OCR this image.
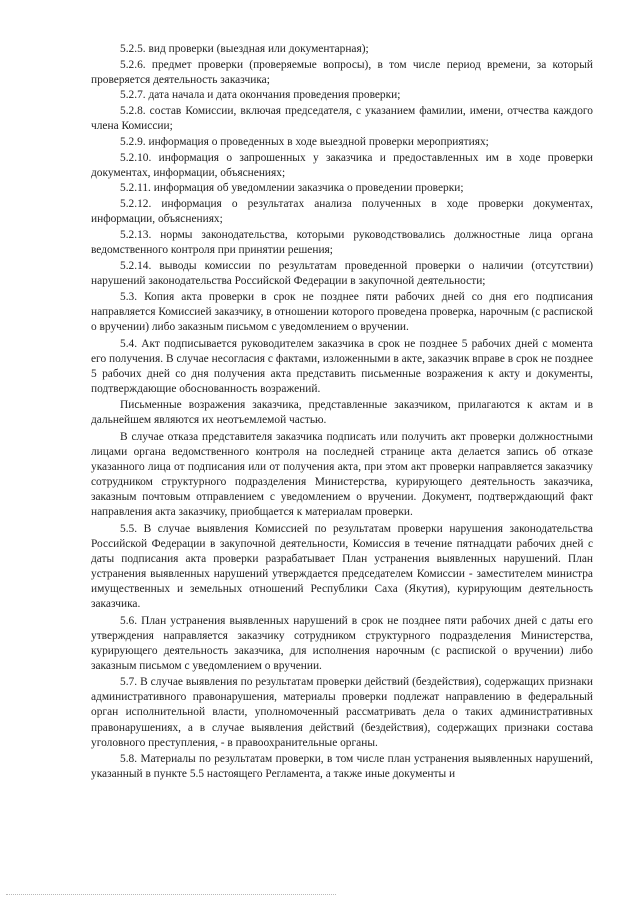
5.2.5. вид проверки (выездная или документарная);

5.2.6. предмет проверки (проверяемые вопросы), в том числе период времени, за который проверяется деятельность заказчика;

5.2.7. дата начала и дата окончания проведения проверки;

5.2.8. состав Комиссии, включая председателя, с указанием фамилии, имени, отчества каждого члена Комиссии;

5.2.9. информация о проведенных в ходе выездной проверки мероприятиях;

5.2.10. информация о запрошенных у заказчика и предоставленных им в ходе проверки документах, информации, объяснениях;

5.2.11. информация об уведомлении заказчика о проведении проверки;

5.2.12. информация о результатах анализа полученных в ходе проверки документах, информации, объяснениях;

5.2.13. нормы законодательства, которыми руководствовались должностные лица органа ведомственного контроля при принятии решения;

5.2.14. выводы комиссии по результатам проведенной проверки о наличии (отсутствии) нарушений законодательства Российской Федерации в закупочной деятельности;

5.3. Копия акта проверки в срок не позднее пяти рабочих дней со дня его подписания направляется Комиссией заказчику, в отношении которого проведена проверка, нарочным (с распиской о вручении) либо заказным письмом с уведомлением о вручении.

5.4. Акт подписывается руководителем заказчика в срок не позднее 5 рабочих дней с момента его получения. В случае несогласия с фактами, изложенными в акте, заказчик вправе в срок не позднее 5 рабочих дней со дня получения акта представить письменные возражения к акту и документы, подтверждающие обоснованность возражений.

Письменные возражения заказчика, представленные заказчиком, прилагаются к актам и в дальнейшем являются их неотъемлемой частью.

В случае отказа представителя заказчика подписать или получить акт проверки должностными лицами органа ведомственного контроля на последней странице акта делается запись об отказе указанного лица от подписания или от получения акта, при этом акт проверки направляется заказчику сотрудником структурного подразделения Министерства, курирующего деятельность заказчика, заказным почтовым отправлением с уведомлением о вручении. Документ, подтверждающий факт направления акта заказчику, приобщается к материалам проверки.

5.5. В случае выявления Комиссией по результатам проверки нарушения законодательства Российской Федерации в закупочной деятельности, Комиссия в течение пятнадцати рабочих дней с даты подписания акта проверки разрабатывает План устранения выявленных нарушений. План устранения выявленных нарушений утверждается председателем Комиссии - заместителем министра имущественных и земельных отношений Республики Саха (Якутия), курирующим деятельность заказчика.

5.6. План устранения выявленных нарушений в срок не позднее пяти рабочих дней с даты его утверждения направляется заказчику сотрудником структурного подразделения Министерства, курирующего деятельность заказчика, для исполнения нарочным (с распиской о вручении) либо заказным письмом с уведомлением о вручении.

5.7. В случае выявления по результатам проверки действий (бездействия), содержащих признаки административного правонарушения, материалы проверки подлежат направлению в федеральный орган исполнительной власти, уполномоченный рассматривать дела о таких административных правонарушениях, а в случае выявления действий (бездействия), содержащих признаки состава уголовного преступления, - в правоохранительные органы.

5.8. Материалы по результатам проверки, в том числе план устранения выявленных нарушений, указанный в пункте 5.5 настоящего Регламента, а также иные документы и
